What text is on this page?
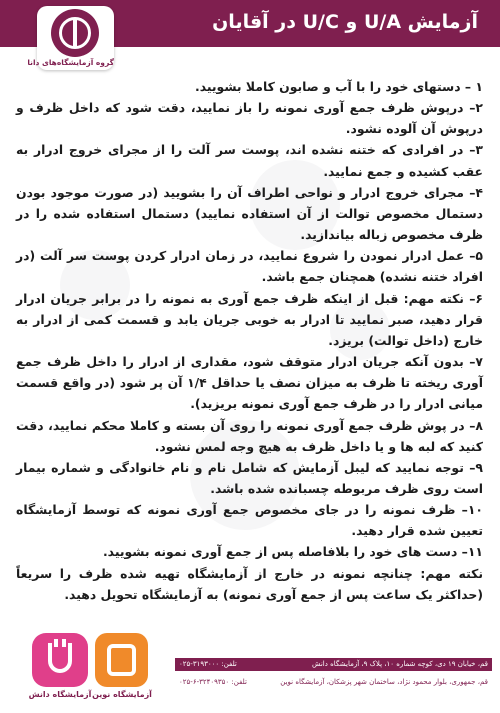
آزمایش U/A و U/C در آقایان
گروه آزمایشگاه‌های دانا

۱ – دستهای خود را با آب و صابون کاملا بشویید.

۲– درپوش ظرف جمع آوری نمونه را باز نمایید، دقت شود که داخل ظرف و درپوش آن آلوده نشود.

۳– در افرادی که ختنه نشده اند، پوست سر آلت را از مجرای خروج ادرار به عقب کشیده و جمع نمایید.

۴– مجرای خروج ادرار و نواحی اطراف آن را بشویید (در صورت موجود بودن دستمال مخصوص توالت از آن استفاده نمایید) دستمال استفاده شده را در ظرف مخصوص زباله بیاندازید.

۵– عمل ادرار نمودن را شروع نمایید، در زمان ادرار کردن پوست سر آلت (در افراد ختنه نشده) همچنان جمع باشد.

۶– نکته مهم: قبل از اینکه ظرف جمع آوری به نمونه را در برابر جریان ادرار قرار دهید، صبر نمایید تا ادرار به خوبی جریان یابد و قسمت کمی از ادرار به خارج (داخل توالت) بریزد.

۷– بدون آنکه جریان ادرار متوقف شود، مقداری از ادرار را داخل ظرف جمع آوری ریخته تا ظرف به میزان نصف یا حداقل ۱/۴ آن پر شود (در واقع قسمت میانی ادرار را در ظرف جمع آوری نمونه بریزید).

۸– در پوش ظرف جمع آوری نمونه را روی آن بسته و کاملا محکم نمایید، دقت کنید که لبه ها و یا داخل ظرف به هیچ وجه لمس نشود.

۹– توجه نمایید که لیبل آزمایش که شامل نام و نام خانوادگی و شماره بیمار است روی ظرف مربوطه چسبانده شده باشد.

۱۰– ظرف نمونه را در جای مخصوص جمع آوری نمونه که توسط آزمایشگاه تعیین شده قرار دهید.

۱۱– دست های خود را بلافاصله پس از جمع آوری نمونه بشویید.

نکته مهم: چنانچه نمونه در خارج از آزمایشگاه تهیه شده ظرف را سریعاً (حداکثر یک ساعت پس از جمع آوری نمونه) به آزمایشگاه تحویل دهید.

قم، خیابان ۱۹ دی، کوچه شماره ۱۰، پلاک ۹، آزمایشگاه دانش
تلفن: ۳۱۹۳۰۰۰-۰۲۵
قم، جمهوری، بلوار محمود نژاد، ساختمان شهر پزشکان، آزمایشگاه نوین
تلفن: ۳۲۴۰۹۳۵۰-۶-۰۲۵
آزمایشگاه نوین
آزمایشگاه دانش
